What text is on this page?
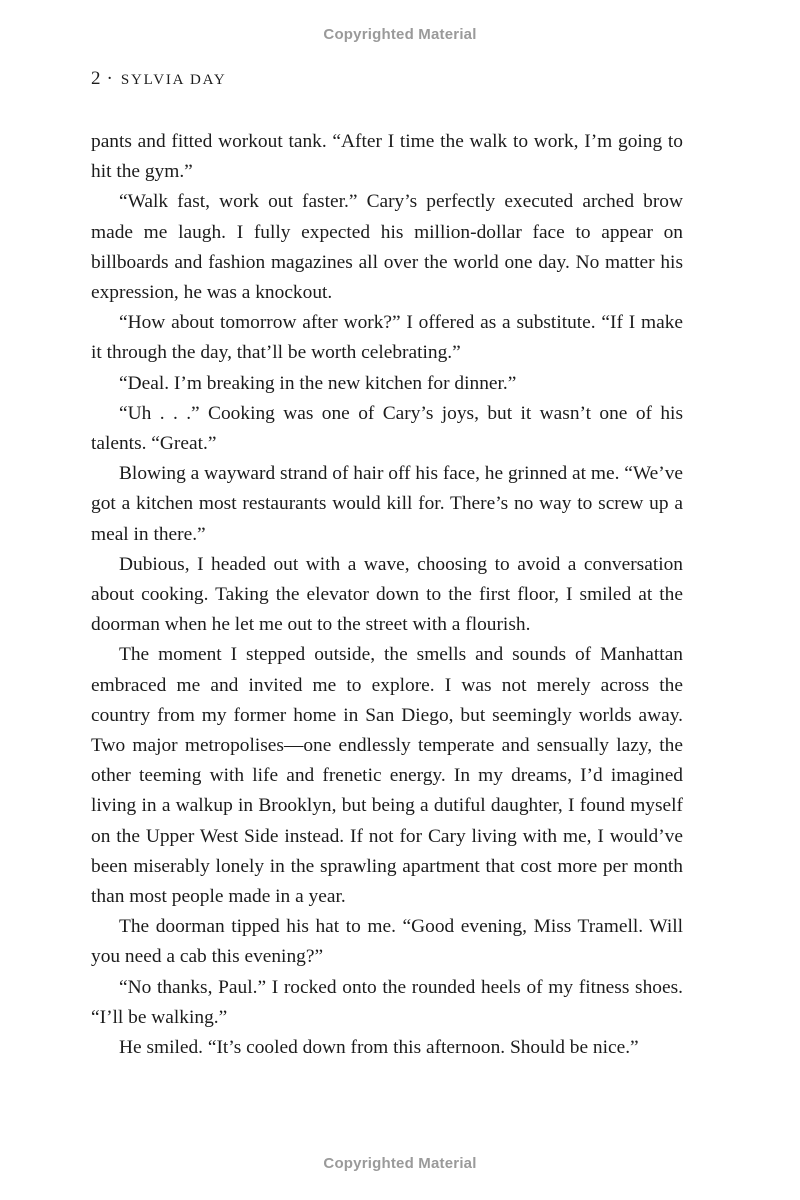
Copyrighted Material
2 · SYLVIA DAY

pants and fitted workout tank. “After I time the walk to work, I’m going to hit the gym.”

“Walk fast, work out faster.” Cary’s perfectly executed arched brow made me laugh. I fully expected his million-dollar face to appear on billboards and fashion magazines all over the world one day. No matter his expression, he was a knockout.

“How about tomorrow after work?” I offered as a substitute. “If I make it through the day, that’ll be worth celebrating.”

“Deal. I’m breaking in the new kitchen for dinner.”

“Uh . . .” Cooking was one of Cary’s joys, but it wasn’t one of his talents. “Great.”

Blowing a wayward strand of hair off his face, he grinned at me. “We’ve got a kitchen most restaurants would kill for. There’s no way to screw up a meal in there.”

Dubious, I headed out with a wave, choosing to avoid a conversation about cooking. Taking the elevator down to the first floor, I smiled at the doorman when he let me out to the street with a flourish.

The moment I stepped outside, the smells and sounds of Manhattan embraced me and invited me to explore. I was not merely across the country from my former home in San Diego, but seemingly worlds away. Two major metropolises—one endlessly temperate and sensually lazy, the other teeming with life and frenetic energy. In my dreams, I’d imagined living in a walkup in Brooklyn, but being a dutiful daughter, I found myself on the Upper West Side instead. If not for Cary living with me, I would’ve been miserably lonely in the sprawling apartment that cost more per month than most people made in a year.

The doorman tipped his hat to me. “Good evening, Miss Tramell. Will you need a cab this evening?”

“No thanks, Paul.” I rocked onto the rounded heels of my fitness shoes. “I’ll be walking.”

He smiled. “It’s cooled down from this afternoon. Should be nice.”

Copyrighted Material
